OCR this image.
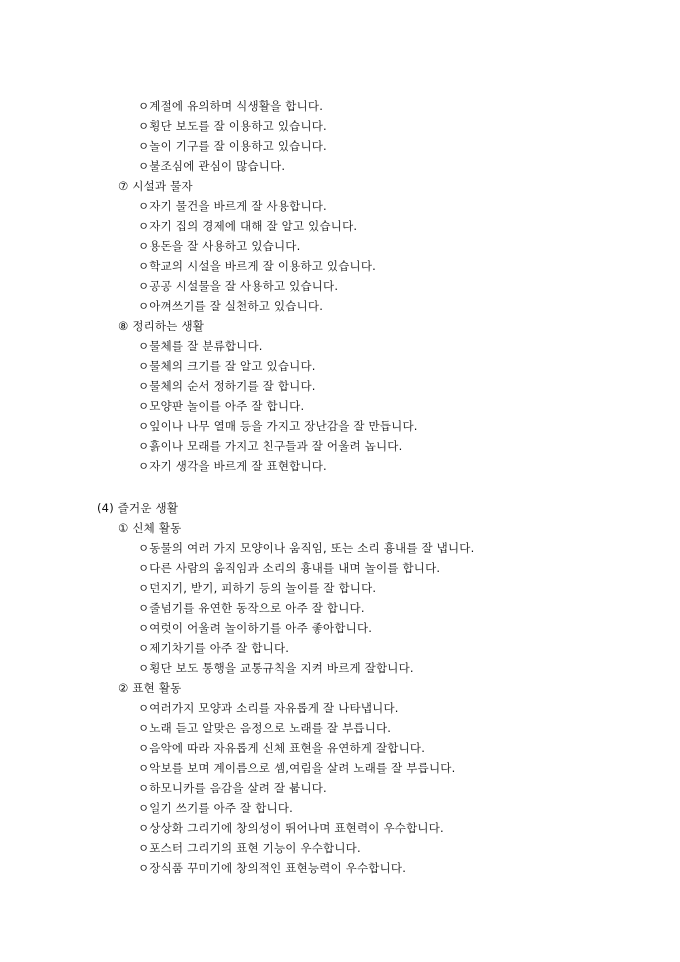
ㅇ계절에 유의하며 식생활을 합니다.
ㅇ횡단 보도를 잘 이용하고 있습니다.
ㅇ놀이 기구를 잘 이용하고 있습니다.
ㅇ불조심에 관심이 많습니다.
⑦ 시설과 물자
ㅇ자기 물건을 바르게 잘 사용합니다.
ㅇ자기 집의 경제에 대해 잘 알고 있습니다.
ㅇ용돈을 잘 사용하고 있습니다.
ㅇ학교의 시설을 바르게 잘 이용하고 있습니다.
ㅇ공공 시설물을 잘 사용하고 있습니다.
ㅇ아껴쓰기를 잘 실천하고 있습니다.
⑧ 정리하는 생활
ㅇ물체를 잘 분류합니다.
ㅇ물체의 크기를 잘 알고 있습니다.
ㅇ물체의 순서 정하기를 잘 합니다.
ㅇ모양판 놀이를 아주 잘 합니다.
ㅇ잎이나 나무 열매 등을 가지고 장난감을 잘 만듭니다.
ㅇ흙이나 모래를 가지고 친구들과 잘 어울려 놉니다.
ㅇ자기 생각을 바르게 잘 표현합니다.
(4) 즐거운 생활
① 신체 활동
ㅇ동물의 여러 가지 모양이나 움직임, 또는 소리 흉내를 잘 냅니다.
ㅇ다른 사람의 움직임과 소리의 흉내를 내며 놀이를 합니다.
ㅇ던지기, 받기, 피하기 등의 놀이를 잘 합니다.
ㅇ줄넘기를 유연한 동작으로 아주 잘 합니다.
ㅇ여럿이 어울려 놀이하기를 아주 좋아합니다.
ㅇ제기차기를 아주 잘 합니다.
ㅇ횡단 보도 통행을 교통규칙을 지켜 바르게 잘합니다.
② 표현 활동
ㅇ여러가지 모양과 소리를 자유롭게 잘 나타냅니다.
ㅇ노래 듣고 알맞은 음정으로 노래를 잘 부릅니다.
ㅇ음악에 따라 자유롭게 신체 표현을 유연하게 잘합니다.
ㅇ악보를 보며 계이름으로 셈,여림을 살려 노래를 잘 부릅니다.
ㅇ하모니카를 음감을 살려 잘 붑니다.
ㅇ일기 쓰기를 아주 잘 합니다.
ㅇ상상화 그리기에 창의성이 뛰어나며 표현력이 우수합니다.
ㅇ포스터 그리기의 표현 기능이 우수합니다.
ㅇ장식품 꾸미기에 창의적인 표현능력이 우수합니다.
